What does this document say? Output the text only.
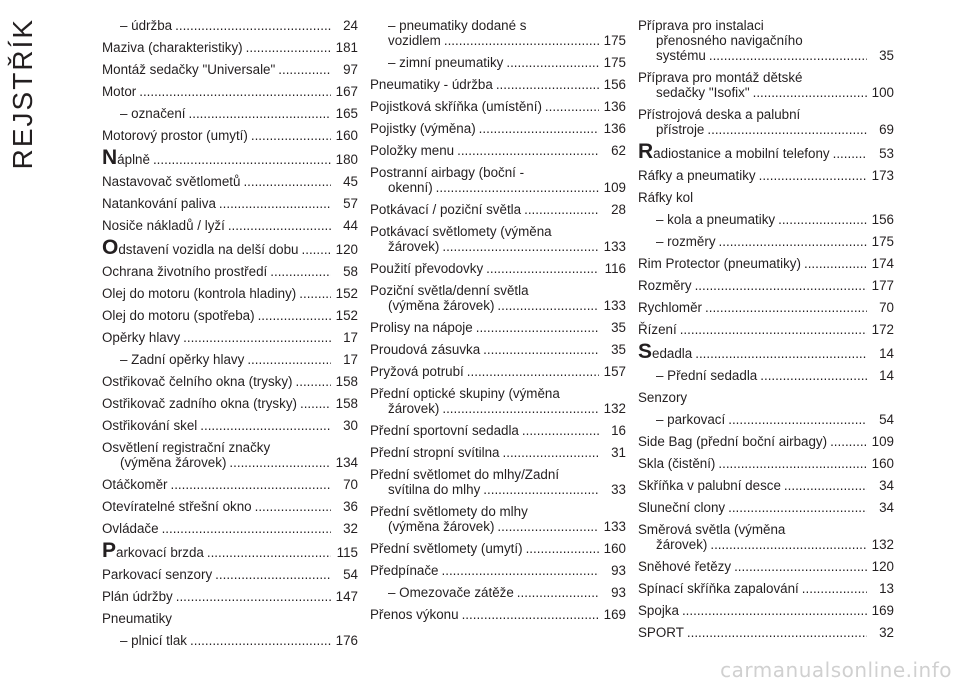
REJSTŘÍK	– údržba .....	24
Maziva (charakteristiky) .....	181
Montáž sedačky "Universale" .....	97
Motor .....	167
– označení .....	165
Motorový prostor (umytí) .....	160
N áplně .....	180
Nastavovač světlometů .....	45
Natankování paliva .....	57
Nosiče nákladů / lyží .....	44
O dstavení vozidla na delší dobu .....	120
Ochrana životního prostředí .....	58
Olej do motoru (kontrola hladiny) .....	152
Olej do motoru (spotřeba) .....	152
Opěrky hlavy .....	17
– Zadní opěrky hlavy .....	17
Ostřikovač čelního okna (trysky) .....	158
Ostřikovač zadního okna (trysky) .....	158
Ostřikování skel .....	30
Osvětlení registrační značky
(výměna žárovek) .....	134
Otáčkoměr .....	70
Otevíratelné střešní okno .....	36
Ovládače .....	32
P arkovací brzda .....	115
Parkovací senzory .....	54
Plán údržby .....	147
Pneumatiky
– plnicí tlak .....	176
– pneumatiky dodané s
vozidlem .....	175
– zimní pneumatiky .....	175
Pneumatiky - údržba .....	156
Pojistková skříňka (umístění) .....	136
Pojistky (výměna) .....	136
Položky menu .....	62
Postranní airbagy (boční -
okenní) .....	109
Potkávací / poziční světla .....	28
Potkávací světlomety (výměna
žárovek) .....	133
Použití převodovky .....	116
Poziční světla/denní světla
(výměna žárovek) .....	133
Prolisy na nápoje .....	35
Proudová zásuvka .....	35
Pryžová potrubí .....	157
Přední optické skupiny (výměna
žárovek) .....	132
Přední sportovní sedadla .....	16
Přední stropní svítilna .....	31
Přední světlomet do mlhy/Zadní
svítilna do mlhy .....	33
Přední světlomety do mlhy
(výměna žárovek) .....	133
Přední světlomety (umytí) .....	160
Předpínače .....	93
– Omezovače zátěže .....	93
Přenos výkonu .....	169
Příprava pro instalaci
přenosného navigačního
systému .....	35
Příprava pro montáž dětské
sedačky "Isofix" .....	100
Přístrojová deska a palubní
přístroje .....	69
R adiostanice a mobilní telefony .....	53
Ráfky a pneumatiky .....	173
Ráfky kol
– kola a pneumatiky .....	156
– rozměry .....	175
Rim Protector (pneumatiky) .....	174
Rozměry .....	177
Rychloměr .....	70
Řízení .....	172
S edadla .....	14
– Přední sedadla .....	14
Senzory
– parkovací .....	54
Side Bag (přední boční airbagy) .....	109
Skla (čistění) .....	160
Skříňka v palubní desce .....	34
Sluneční clony .....	34
Směrová světla (výměna
žárovek) .....	132
Sněhové řetězy .....	120
Spínací skříňka zapalování .....	13
Spojka .....	169
SPORT .....	32
carmanualsonline.info
